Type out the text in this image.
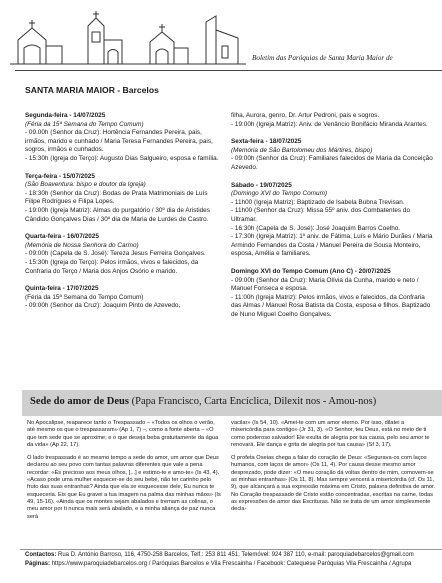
Boletim das Paróquias de Santa Maria Maior de
SANTA MARIA MAIOR - Barcelos

Segunda-feira - 14/07/2025

(Féria da 15ª Semana do Tempo Comum)

- 09.00h (Senhor da Cruz): Hortência Fernandes Pereira, pais, irmãos, marido e cunhado / Maria Teresa Fernandes Pereira, pais, sogros, irmãos e cunhados.

- 15:30h (Igreja do Terço): Augusto Dias Salgueiro, esposa e família.

Terça-feira - 15/07/2025

(São Boaventura: bispo e doutor da Igreja)

- 18:30h (Senhor da Cruz): Bodas de Prata Matrimoniais de Luís Filipe Rodrigues e Filipa Lopes.

- 19:00h (Igreja Matriz): Almas do purgatório / 30º dia de Aristides Cândido Gonçalves Dias / 30º dia de Maria de Lurdes de Castro.

Quarta-feira - 16/07/2025

(Memória de Nossa Senhora do Carmo)

- 09:00h (Capela de S. José): Tereza Jesus Ferreira Gonçalves.

- 15:30h (Igreja do Terço): Pelos irmãos, vivos e falecidos, da Confraria do Terço / Maria dos Anjos Osório e marido.

Quinta-feira - 17/07/2025

(Féria da 15ª Semana do Tempo Comum)

- 09:00h (Senhor da Cruz): Joaquim Pinto de Azevedo,

filha, Aurora, genro, Dr. Artur Pedroni, pais e sogros.

- 19:00h (Igreja Matriz): Aniv. de Venâncio Bonifácio Miranda Arantes.

Sexta-feira - 18/07/2025

(Memória de São Bartolomeu dos Mártires, bispo)

- 09:00h (Senhor da Cruz): Familiares falecidos de Maria da Conceição Azevedo.

Sábado - 19/07/2025

(Domingo XVI do Tempo Comum)

- 11h00 (Igreja Matriz): Baptizado de Isabela Bubna Trevisan.

- 11h00 (Senhor da Cruz): Missa 55º aniv. dos Combatentes do Ultramar.

- 16:30h (Capela de S. José): José Joaquim Barros Coelho.

- 17:30h (Igreja Matriz): 1º aniv. de Fátima, Luís e Mário Durães / Maria Armindo Fernandes da Costa / Manuel Pereira de Sousa Monteiro, esposa, Amélia e familiares.

Domingo XVI do Tempo Comum (Ano C) - 20/07/2025

- 09:00h (Senhor da Cruz): Maria Olívia da Cunha, marido e neto / Manuel Fonseca e esposa.

- 11:00h (Igreja Matriz): Pelos irmãos, vivos e falecidos, da Confraria das Almas / Manuel Rosa Batista da Costa, esposa e filhos. Baptizado de Nuno Miguel Coelho Gonçalves.

Sede do amor de Deus (Papa Francisco, Carta Encíclica, Dilexit nos - Amou-nos)

No Apocalipse, reaparece tanto o Trespassado – «Todos os olhos o verão, até mesmo os que o trespassaram» (Ap 1, 7) –, como a fonte aberta – «O que tem sede que se aproxime; e o que deseja beba gratuitamente da água da vida» (Ap 22, 17).

O lado trespassado é ao mesmo tempo a sede do amor, um amor que Deus declarou ao seu povo com tantas palavras diferentes que vale a pena recordar: «És precioso aos meus olhos, [...] e estimo-te e amo-te» (Is 43, 4). «Acaso pode uma mulher esquecer-se do seu bebé, não ter carinho pelo fruto das suas entranhas? Ainda que ela se esquecesse dele, Eu nunca te esqueceria. Eis que Eu gravei a tua imagem na palma das minhas mãos» (Is 49, 15-16). «Ainda que os montes sejam abalados e tremam as colinas, o meu amor por ti nunca mais será abalado, e a minha aliança de paz nunca será

vacilar» (Is 54, 10). «Amei-te com um amor eterno. Por isso, dilatei a misericórdia para contigo» (Jr 31, 3). «O Senhor, teu Deus, está no meio de ti como poderoso salvador! Ele exulta de alegria por tua causa, pelo seu amor te renovará. Ele dança e grita de alegria por tua causa» (Sf 3, 17).

O profeta Oseias chega a falar do coração de Deus: «Segurava-os com laços humanos, com laços de amor» (Os 11, 4). Por causa desse mesmo amor desprezado, pode dizer: «O meu coração dá voltas dentro de mim, comovem-se as minhas entranhas» (Os 11, 8). Mas sempre vencerá a misericórdia (cf. Os 11, 9), que alcançará a sua expressão máxima em Cristo, palavra definitiva de amor. No Coração trespassado de Cristo estão concentradas, escritas na carne, todas as expressões de amor das Escrituras. Não se trata de um amor simplesmente decla-

Contactos: Rua D. António Barroso, 116, 4750-258 Barcelos, Telf.: 253 811 451, Telemóvel: 924 387 110, e-mail: paroquiadebarcelos@gmail.com
Páginas: https://www.paroquiadebarcelos.org / Paróquias Barcelos e Vila Frescainha / Facebook: Catequese Paróquias Vila Frescainha / Agrupa
